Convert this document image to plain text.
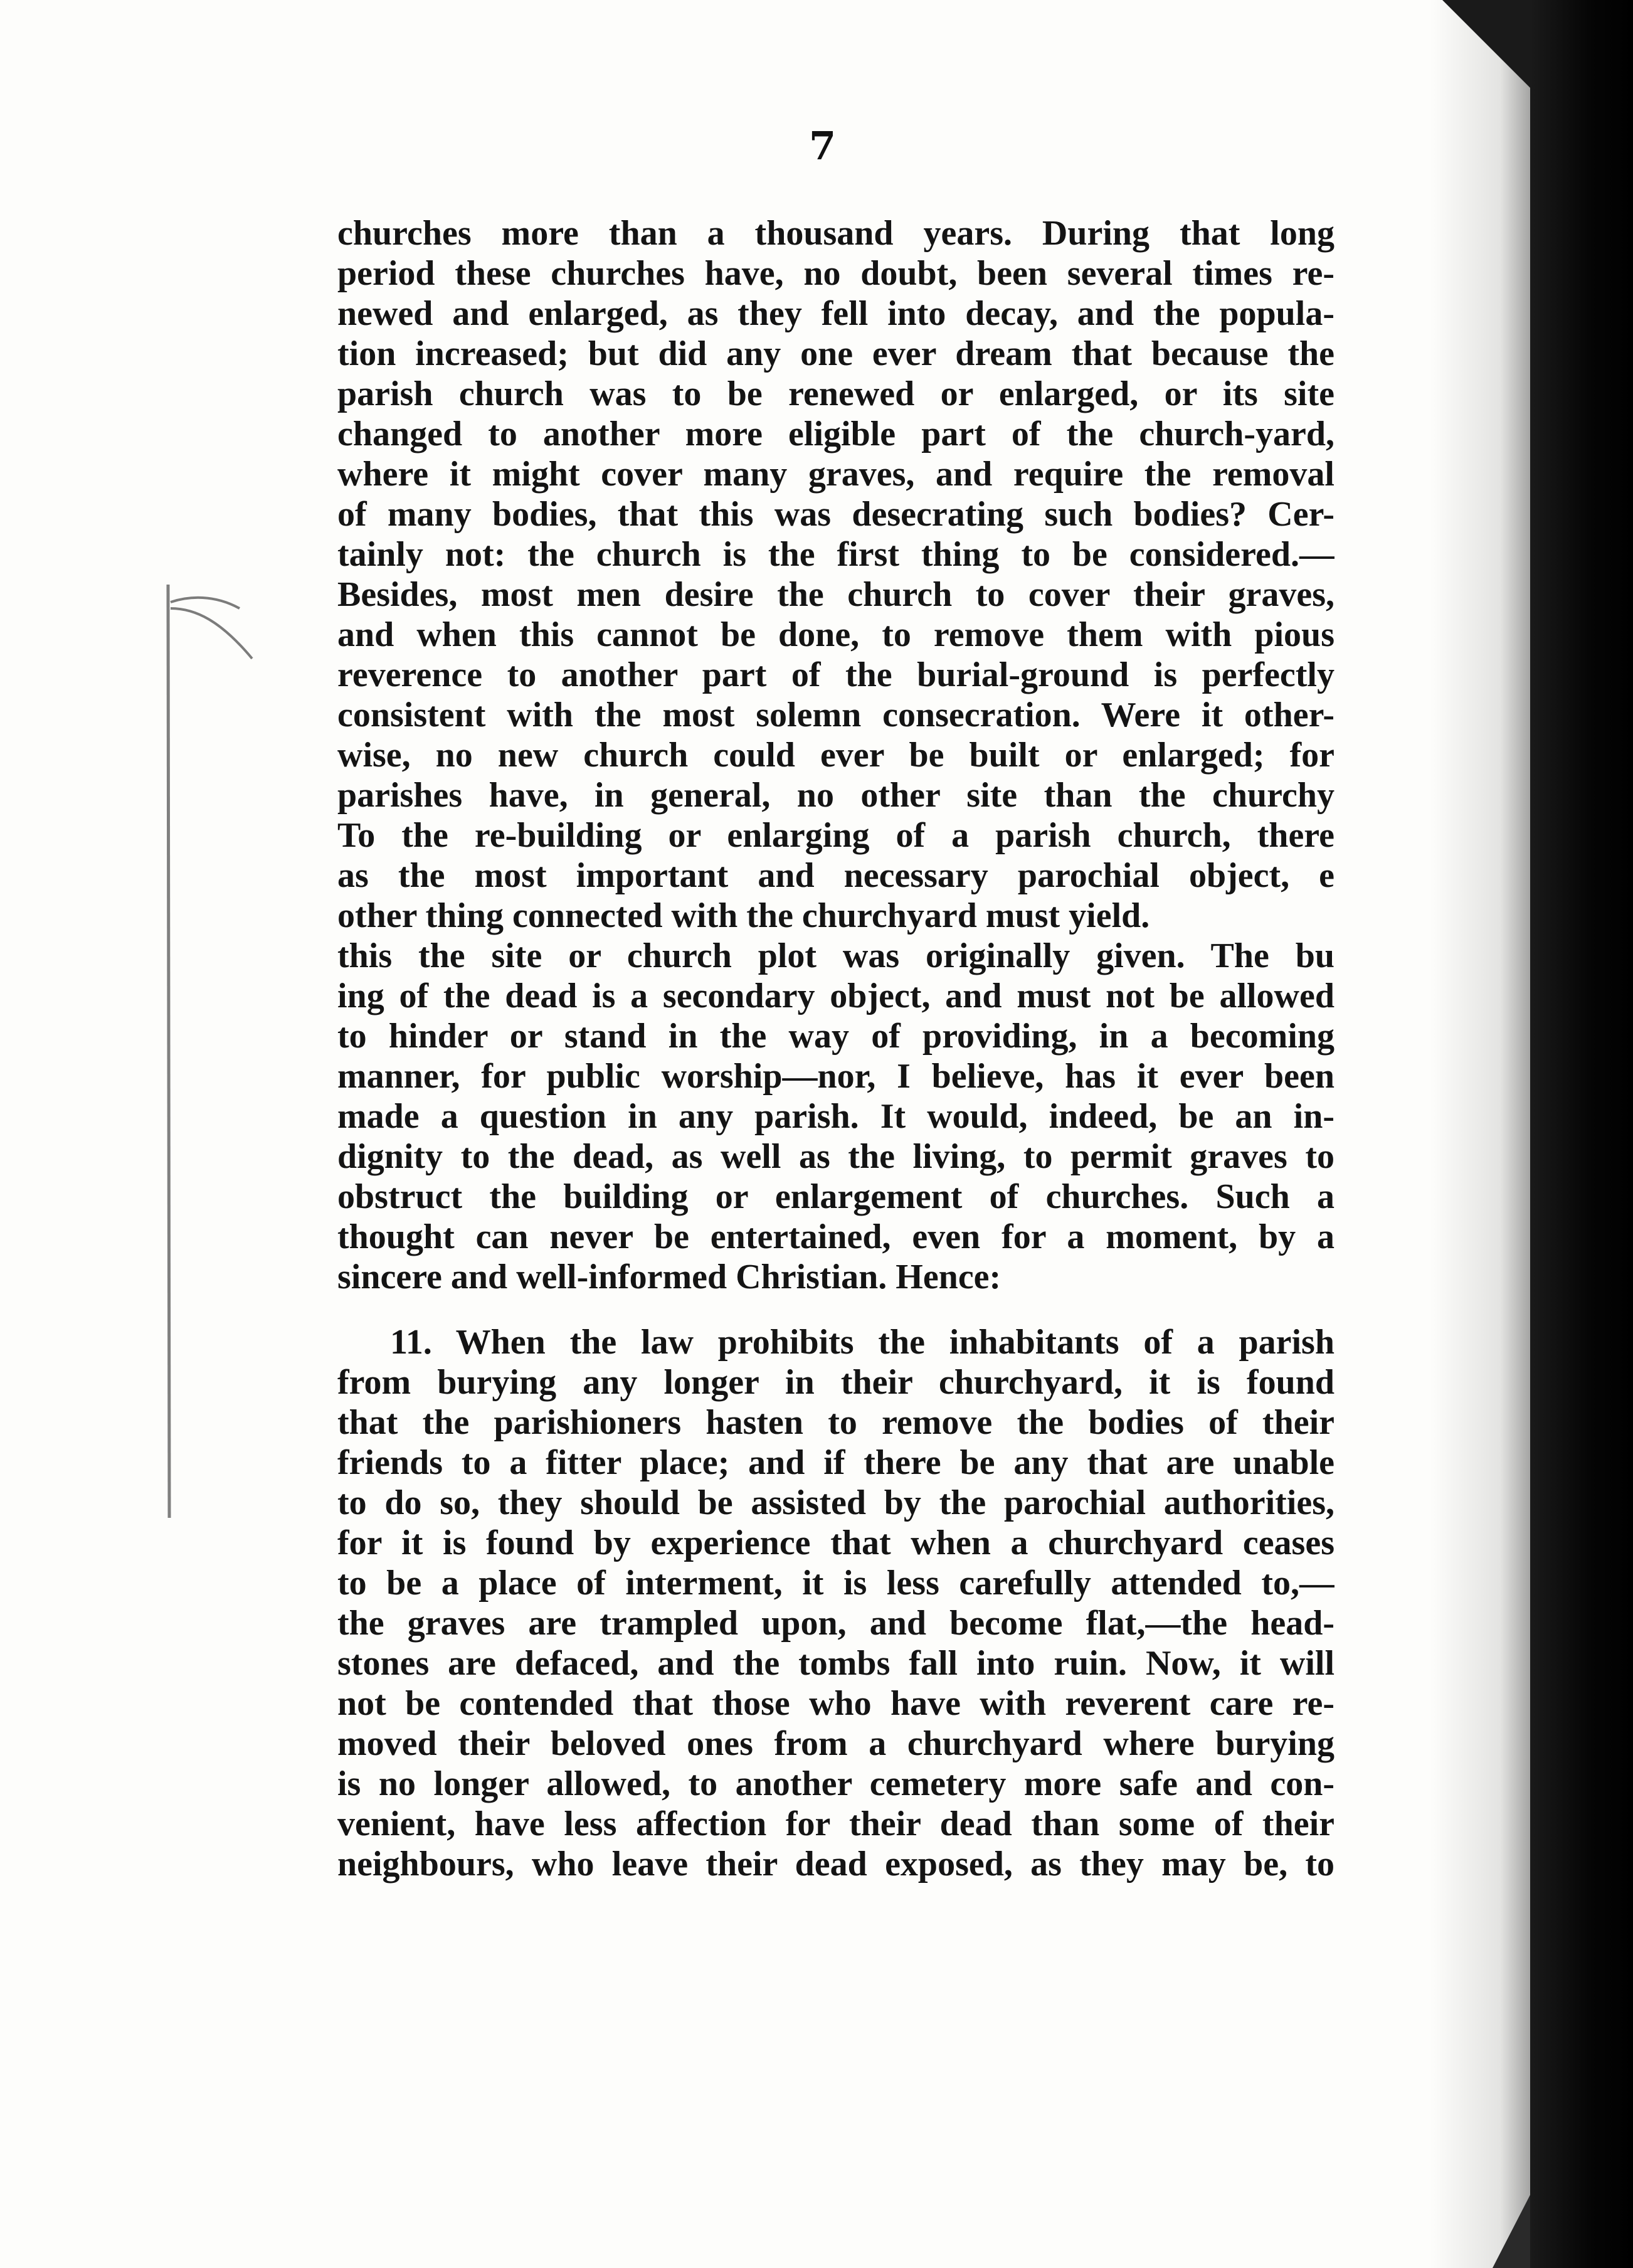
7

churches more than a thousand years. During that long
period these churches have, no doubt, been several times re-
newed and enlarged, as they fell into decay, and the popula-
tion increased; but did any one ever dream that because the
parish church was to be renewed or enlarged, or its site
changed to another more eligible part of the church-yard,
where it might cover many graves, and require the removal
of many bodies, that this was desecrating such bodies? Cer-
tainly not: the church is the first thing to be considered.—
Besides, most men desire the church to cover their graves,
and when this cannot be done, to remove them with pious
reverence to another part of the burial-ground is perfectly
consistent with the most solemn consecration. Were it other-
wise, no new church could ever be built or enlarged; for
parishes have, in general, no other site than the churchy
To the re-building or enlarging of a parish church, there
as the most important and necessary parochial object, e
other thing connected with the churchyard must yield.
this the site or church plot was originally given. The bu
ing of the dead is a secondary object, and must not be allowed
to hinder or stand in the way of providing, in a becoming
manner, for public worship—nor, I believe, has it ever been
made a question in any parish. It would, indeed, be an in-
dignity to the dead, as well as the living, to permit graves to
obstruct the building or enlargement of churches. Such a
thought can never be entertained, even for a moment, by a
sincere and well-informed Christian. Hence:

11. When the law prohibits the inhabitants of a parish
from burying any longer in their churchyard, it is found
that the parishioners hasten to remove the bodies of their
friends to a fitter place; and if there be any that are unable
to do so, they should be assisted by the parochial authorities,
for it is found by experience that when a churchyard ceases
to be a place of interment, it is less carefully attended to,—
the graves are trampled upon, and become flat,—the head-
stones are defaced, and the tombs fall into ruin. Now, it will
not be contended that those who have with reverent care re-
moved their beloved ones from a churchyard where burying
is no longer allowed, to another cemetery more safe and con-
venient, have less affection for their dead than some of their
neighbours, who leave their dead exposed, as they may be, to
